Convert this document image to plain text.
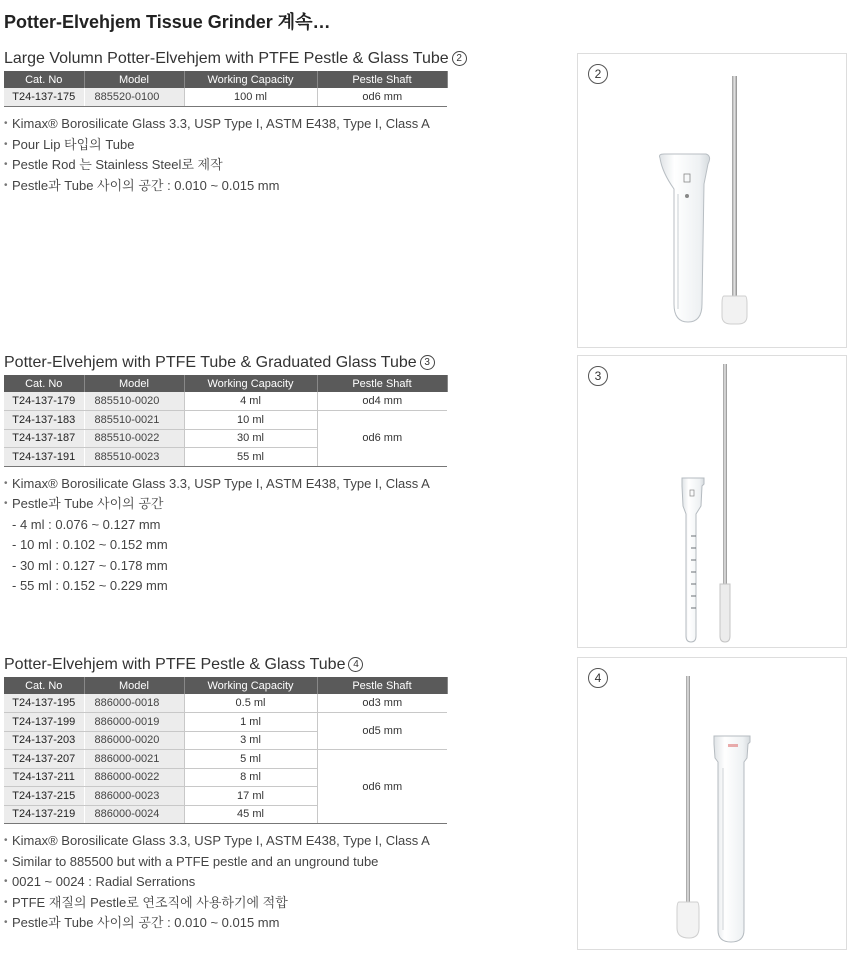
Potter-Elvehjem Tissue Grinder 계속…
Large Volumn Potter-Elvehjem with PTFE Pestle & Glass Tube 2
Cat. No	Model	Working Capacity	Pestle Shaft
T24-137-175	885520-0100	100 ml	od6 mm
• Kimax® Borosilicate Glass 3.3, USP Type I, ASTM E438, Type I, Class A
• Pour Lip 타입의 Tube
• Pestle Rod 는 Stainless Steel로 제작
• Pestle과 Tube 사이의 공간 : 0.010 ~ 0.015 mm
Potter-Elvehjem with PTFE Tube & Graduated Glass Tube 3
Cat. No	Model	Working Capacity	Pestle Shaft
T24-137-179	885510-0020	4 ml	od4 mm
T24-137-183	885510-0021	10 ml	od6 mm
T24-137-187	885510-0022	30 ml	
T24-137-191	885510-0023	55 ml	
• Kimax® Borosilicate Glass 3.3, USP Type I, ASTM E438, Type I, Class A
• Pestle과 Tube 사이의 공간
- 4 ml : 0.076 ~ 0.127 mm
- 10 ml : 0.102 ~ 0.152 mm
- 30 ml : 0.127 ~ 0.178 mm
- 55 ml : 0.152 ~ 0.229 mm
Potter-Elvehjem with PTFE Pestle & Glass Tube 4
Cat. No	Model	Working Capacity	Pestle Shaft
T24-137-195	886000-0018	0.5 ml	od3 mm
T24-137-199	886000-0019	1 ml	od5 mm
T24-137-203	886000-0020	3 ml	
T24-137-207	886000-0021	5 ml	od6 mm
T24-137-211	886000-0022	8 ml	
T24-137-215	886000-0023	17 ml	
T24-137-219	886000-0024	45 ml	
• Kimax® Borosilicate Glass 3.3, USP Type I, ASTM E438, Type I, Class A
• Similar to 885500 but with a PTFE pestle and an unground tube
• 0021 ~ 0024 : Radial Serrations
• PTFE 재질의 Pestle로 연조직에 사용하기에 적합
• Pestle과 Tube 사이의 공간 : 0.010 ~ 0.015 mm
2
3
4
